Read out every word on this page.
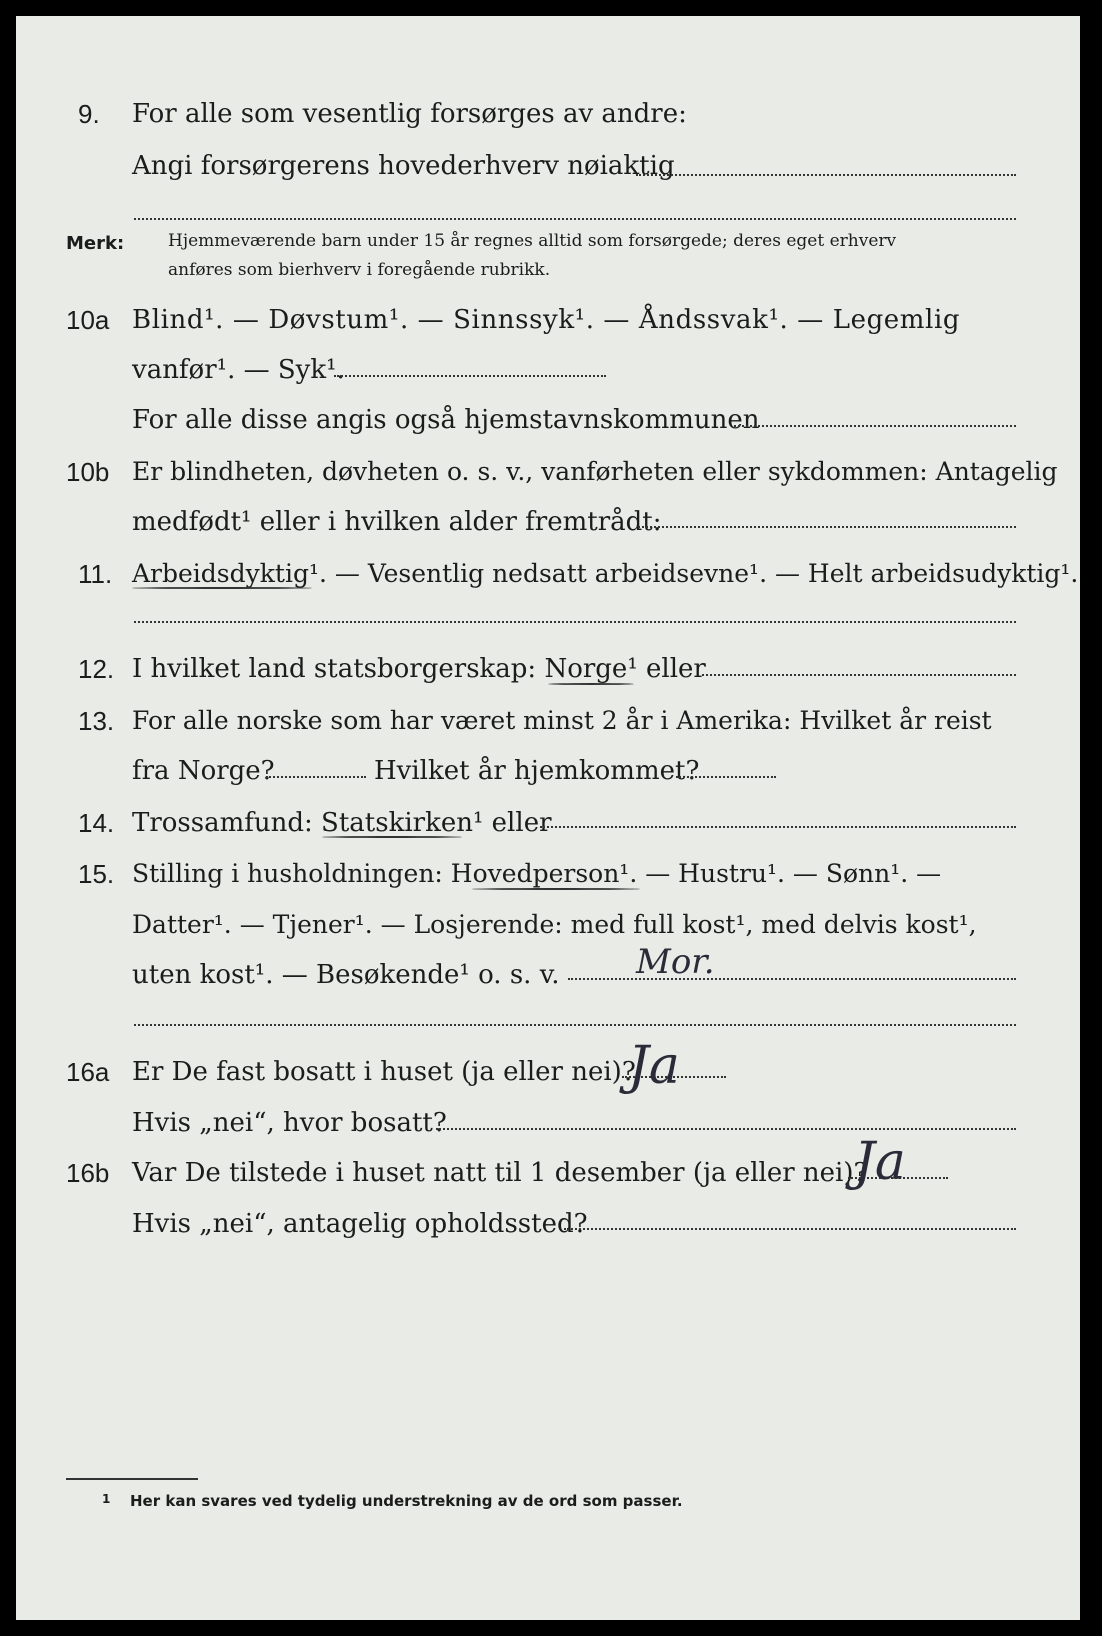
9. For alle som vesentlig forsørges av andre:
Angi forsørgerens hovederhverv nøiaktig
Merk:	Hjemmeværende barn under 15 år regnes alltid som forsørgede; deres eget erhverv
anføres som bierhverv i foregående rubrikk.
10a Blind¹. — Døvstum¹. — Sinnssyk¹. — Åndssvak¹. — Legemlig
vanfør¹. — Syk¹.
For alle disse angis også hjemstavnskommunen
10b Er blindheten, døvheten o. s. v., vanførheten eller sykdommen: Antagelig
medfødt¹ eller i hvilken alder fremtrådt:
11. Arbeidsdyktig¹. — Vesentlig nedsatt arbeidsevne¹. — Helt arbeidsudyktig¹.
12. I hvilket land statsborgerskap: Norge¹ eller
13. For alle norske som har været minst 2 år i Amerika: Hvilket år reist
fra Norge?	Hvilket år hjemkommet?
14. Trossamfund: Statskirken¹ eller
15. Stilling i husholdningen: Hovedperson¹. — Hustru¹. — Sønn¹. —
Datter¹. — Tjener¹. — Losjerende: med full kost¹, med delvis kost¹,
uten kost¹. — Besøkende¹ o. s. v. Mor.
16a Er De fast bosatt i huset (ja eller nei)?
Ja
Hvis „nei“, hvor bosatt?
16b Var De tilstede i huset natt til 1 desember (ja eller nei)?
Ja
Hvis „nei“, antagelig opholdssted?
1 Her kan svares ved tydelig understrekning av de ord som passer.
